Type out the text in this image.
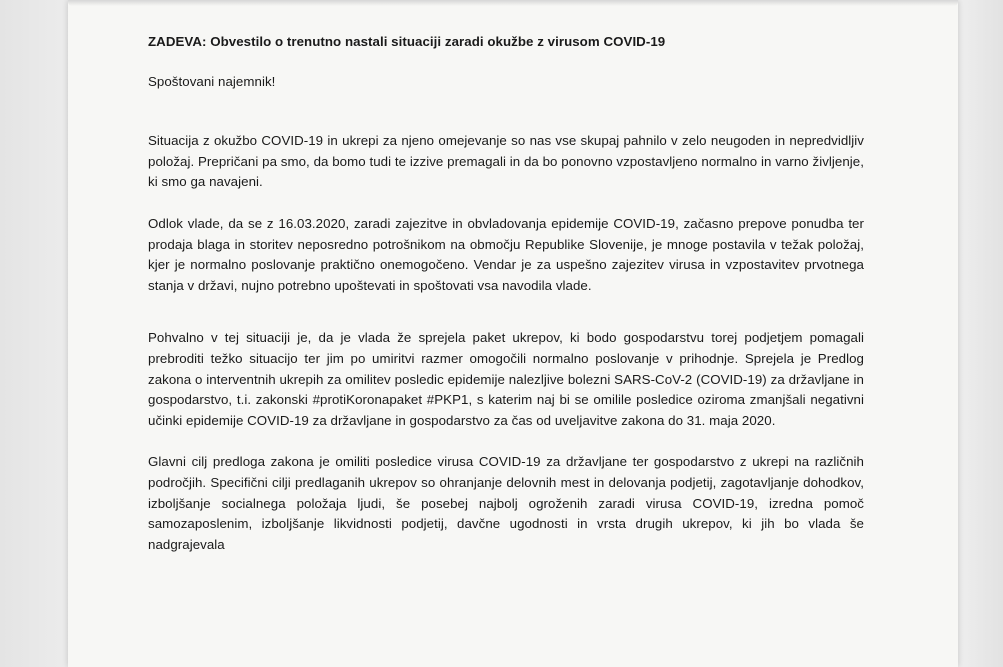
ZADEVA: Obvestilo o trenutno nastali situaciji zaradi okužbe z virusom COVID-19

Spoštovani najemnik!

Situacija z okužbo COVID-19 in ukrepi za njeno omejevanje so nas vse skupaj pahnilo v zelo neugoden in nepredvidljiv položaj. Prepričani pa smo, da bomo tudi te izzive premagali in da bo ponovno vzpostavljeno normalno in varno življenje, ki smo ga navajeni.

Odlok vlade, da se z 16.03.2020, zaradi zajezitve in obvladovanja epidemije COVID-19, začasno prepove ponudba ter prodaja blaga in storitev neposredno potrošnikom na območju Republike Slovenije, je mnoge postavila v težak položaj, kjer je normalno poslovanje praktično onemogočeno. Vendar je za uspešno zajezitev virusa in vzpostavitev prvotnega stanja v državi, nujno potrebno upoštevati in spoštovati vsa navodila vlade.

Pohvalno v tej situaciji je, da je vlada že sprejela paket ukrepov, ki bodo gospodarstvu torej podjetjem pomagali prebroditi težko situacijo ter jim po umiritvi razmer omogočili normalno poslovanje v prihodnje. Sprejela je Predlog zakona o interventnih ukrepih za omilitev posledic epidemije nalezljive bolezni SARS-CoV-2 (COVID-19) za državljane in gospodarstvo, t.i. zakonski #protiKoronapaket #PKP1, s katerim naj bi se omilile posledice oziroma zmanjšali negativni učinki epidemije COVID-19 za državljane in gospodarstvo za čas od uveljavitve zakona do 31. maja 2020.

Glavni cilj predloga zakona je omiliti posledice virusa COVID-19 za državljane ter gospodarstvo z ukrepi na različnih področjih. Specifični cilji predlaganih ukrepov so ohranjanje delovnih mest in delovanja podjetij, zagotavljanje dohodkov, izboljšanje socialnega položaja ljudi, še posebej najbolj ogroženih zaradi virusa COVID-19, izredna pomoč samozaposlenim, izboljšanje likvidnosti podjetij, davčne ugodnosti in vrsta drugih ukrepov, ki jih bo vlada še nadgrajevala
